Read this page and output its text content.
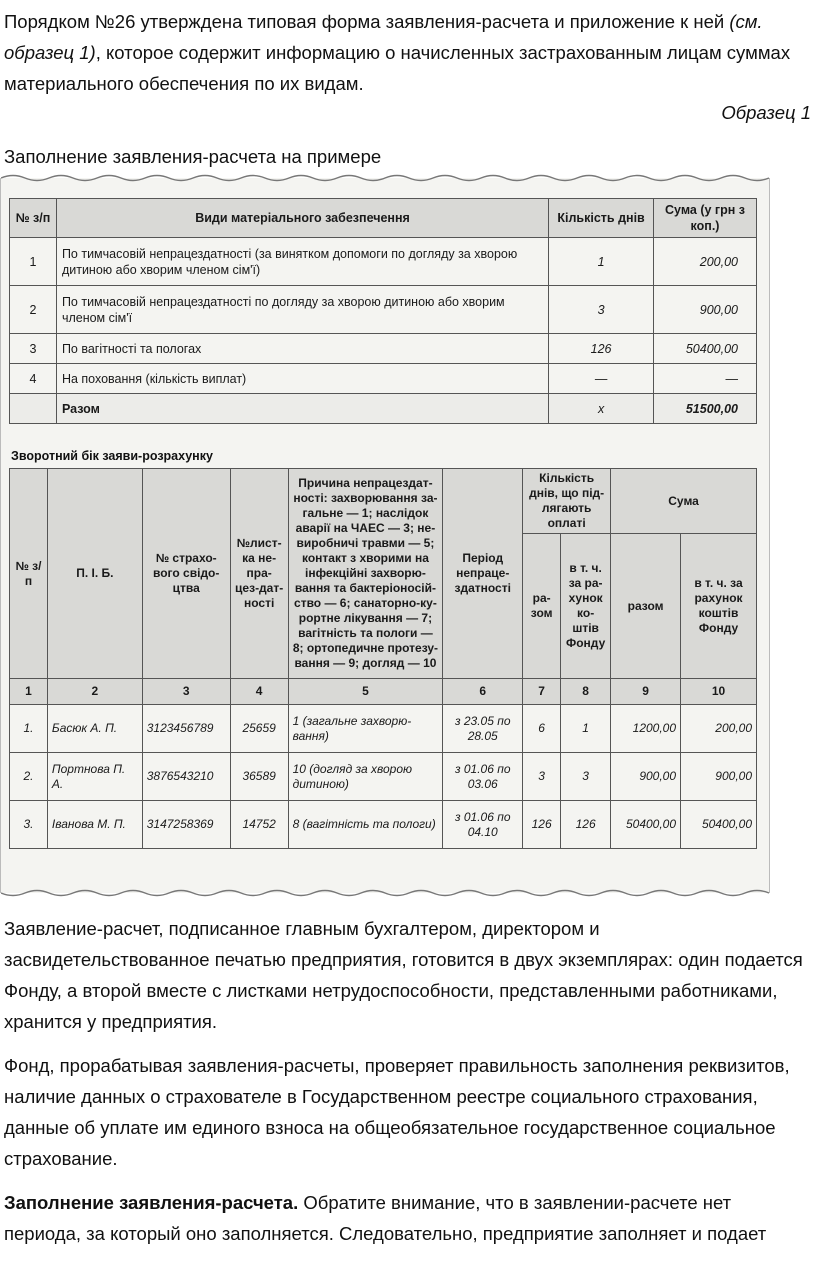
Порядком №26 утверждена типовая форма заявления-расчета и приложение к ней (см. образец 1), которое содержит информацию о начисленных застрахованным лицам суммах материального обеспечения по их видам.

Образец 1
Заполнение заявления-расчета на примере
№ з/п	Види матеріального забезпечення	Кількість днів	Сума (у грн з коп.)
1	По тимчасовій непрацездатності (за винятком допомоги по догляду за хворою дитиною або хворим членом сім'ї)	1	200,00
2	По тимчасовій непрацездатності по догляду за хворою дитиною або хворим членом сім'ї	3	900,00
3	По вагітності та пологах	126	50400,00
4	На поховання (кількість виплат)	—	—
	Разом	х	51500,00
Зворотний бік заяви-розрахунку
№ з/п	П. І. Б.	№ страхо-вого свідо-цтва	№лист-ка не-пра-цез-дат-ності	Причина непрацездат-ності: захворювання за-гальне — 1; наслідок аварії на ЧАЕС — 3; не-виробничі травми — 5; контакт з хворими на інфекційні захворю-вання та бактеріоносій-ство — 6; санаторно-ку-рортне лікування — 7; вагітність та пологи — 8; ортопедичне протезу-вання — 9; догляд — 10	Період непраце-здатності	Кількість днів, що під-лягають оплаті		Сума	
						ра-зом	в т. ч. за ра-хунок ко-штів Фонду	разом	в т. ч. за рахунок коштів Фонду
1	2	3	4	5	6	7	8	9	10
1.	Басюк А. П.	3123456789	25659	1 (загальне захворю-вання)	з 23.05 по 28.05	6	1	1200,00	200,00
2.	Портнова П. А.	3876543210	36589	10 (догляд за хворою дитиною)	з 01.06 по 03.06	3	3	900,00	900,00
3.	Іванова М. П.	3147258369	14752	8 (вагітність та пологи)	з 01.06 по 04.10	126	126	50400,00	50400,00

Заявление-расчет, подписанное главным бухгалтером, директором и засвидетельствованное печатью предприятия, готовится в двух экземплярах: один подается Фонду, а второй вместе с листками нетрудоспособности, представленными работниками, хранится у предприятия.

Фонд, прорабатывая заявления-расчеты, проверяет правильность заполнения реквизитов, наличие данных о страхователе в Государственном реестре социального страхования, данные об уплате им единого взноса на общеобязательное государственное социальное страхование.

Заполнение заявления-расчета. Обратите внимание, что в заявлении-расчете нет периода, за который оно заполняется. Следовательно, предприятие заполняет и подает
